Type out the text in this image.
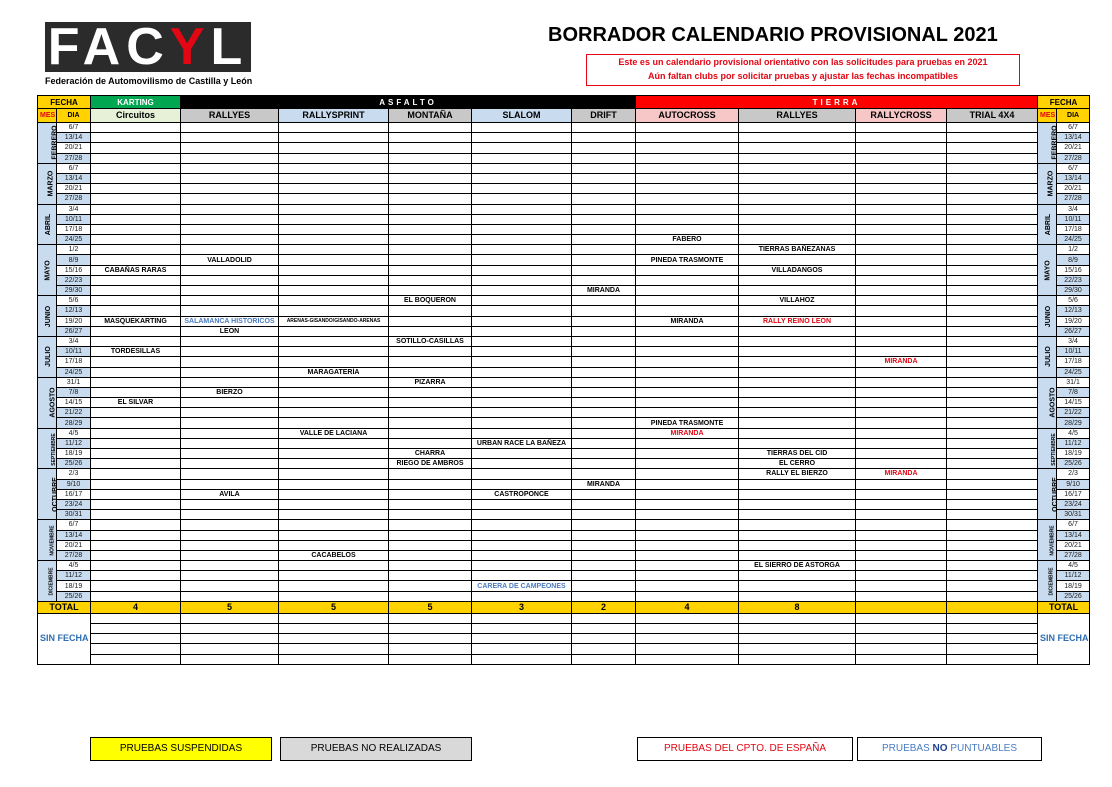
FACYL
Federación de Automovilismo de Castilla y León
BORRADOR CALENDARIO PROVISIONAL 2021
Este es un calendario provisional orientativo con las solicitudes para pruebas en 2021
Aún faltan clubs por solicitar pruebas y ajustar las fechas incompatibles
FECHA		KARTING	ASFALTO					TIERRA				FECHA	
MES	DIA	Circuitos	RALLYES	RALLYSPRINT	MONTAÑA	SLALOM	DRIFT	AUTOCROSS	RALLYES	RALLYCROSS	TRIAL 4X4	MES	DIA
FEBRERO	6/7											FEBRERO	6/7
	13/14												13/14
	20/21												20/21
	27/28												27/28
MARZO	6/7											MARZO	6/7
	13/14												13/14
	20/21												20/21
	27/28												27/28
ABRIL	3/4											ABRIL	3/4
	10/11												10/11
	17/18												17/18
	24/25							FABERO					24/25
MAYO	1/2								TIERRAS BAÑEZANAS			MAYO	1/2
	8/9		VALLADOLID					PINEDA TRASMONTE					8/9
	15/16	CABAÑAS RARAS							VILLADANGOS				15/16
	22/23												22/23
	29/30						MIRANDA						29/30
JUNIO	5/6				EL BOQUERON				VILLAHOZ			JUNIO	5/6
	12/13												12/13
	19/20	MASQUEKARTING	SALAMANCA HISTORICOS	ARENAS-GISANDO/GISANDO-ARENAS				MIRANDA	RALLY REINO LEON				19/20
	26/27		LEON										26/27
JULIO	3/4				SOTILLO-CASILLAS							JULIO	3/4
	10/11	TORDESILLAS											10/11
	17/18									MIRANDA			17/18
	24/25			MARAGATERÍA									24/25
AGOSTO	31/1				PIZARRA							AGOSTO	31/1
	7/8		BIERZO										7/8
	14/15	EL SILVAR											14/15
	21/22												21/22
	28/29							PINEDA TRASMONTE					28/29
SEPTIEMBRE	4/5			VALLE DE LACIANA				MIRANDA				SEPTIEMBRE	4/5
	11/12					URBAN RACE LA BAÑEZA							11/12
	18/19				CHARRA				TIERRAS DEL CID				18/19
	25/26				RIEGO DE AMBROS				EL CERRO				25/26
OCTUBRE	2/3								RALLY EL BIERZO	MIRANDA		OCTUBRE	2/3
	9/10						MIRANDA						9/10
	16/17		AVILA			CASTROPONCE							16/17
	23/24												23/24
	30/31												30/31
NOVIEMBRE	6/7											NOVIEMBRE	6/7
	13/14												13/14
	20/21												20/21
	27/28			CACABELOS									27/28
DICIEMBRE	4/5								EL SIERRO DE ASTORGA			DICIEMBRE	4/5
	11/12												11/12
	18/19					CARERA DE CAMPEONES							18/19
	25/26												25/26
TOTAL		4	5	5	5	3	2	4	8			TOTAL	
SIN FECHA												SIN FECHA	

PRUEBAS SUSPENDIDAS	PRUEBAS NO REALIZADAS	PRUEBAS DEL CPTO. DE ESPAÑA	PRUEBAS NO PUNTUABLES
